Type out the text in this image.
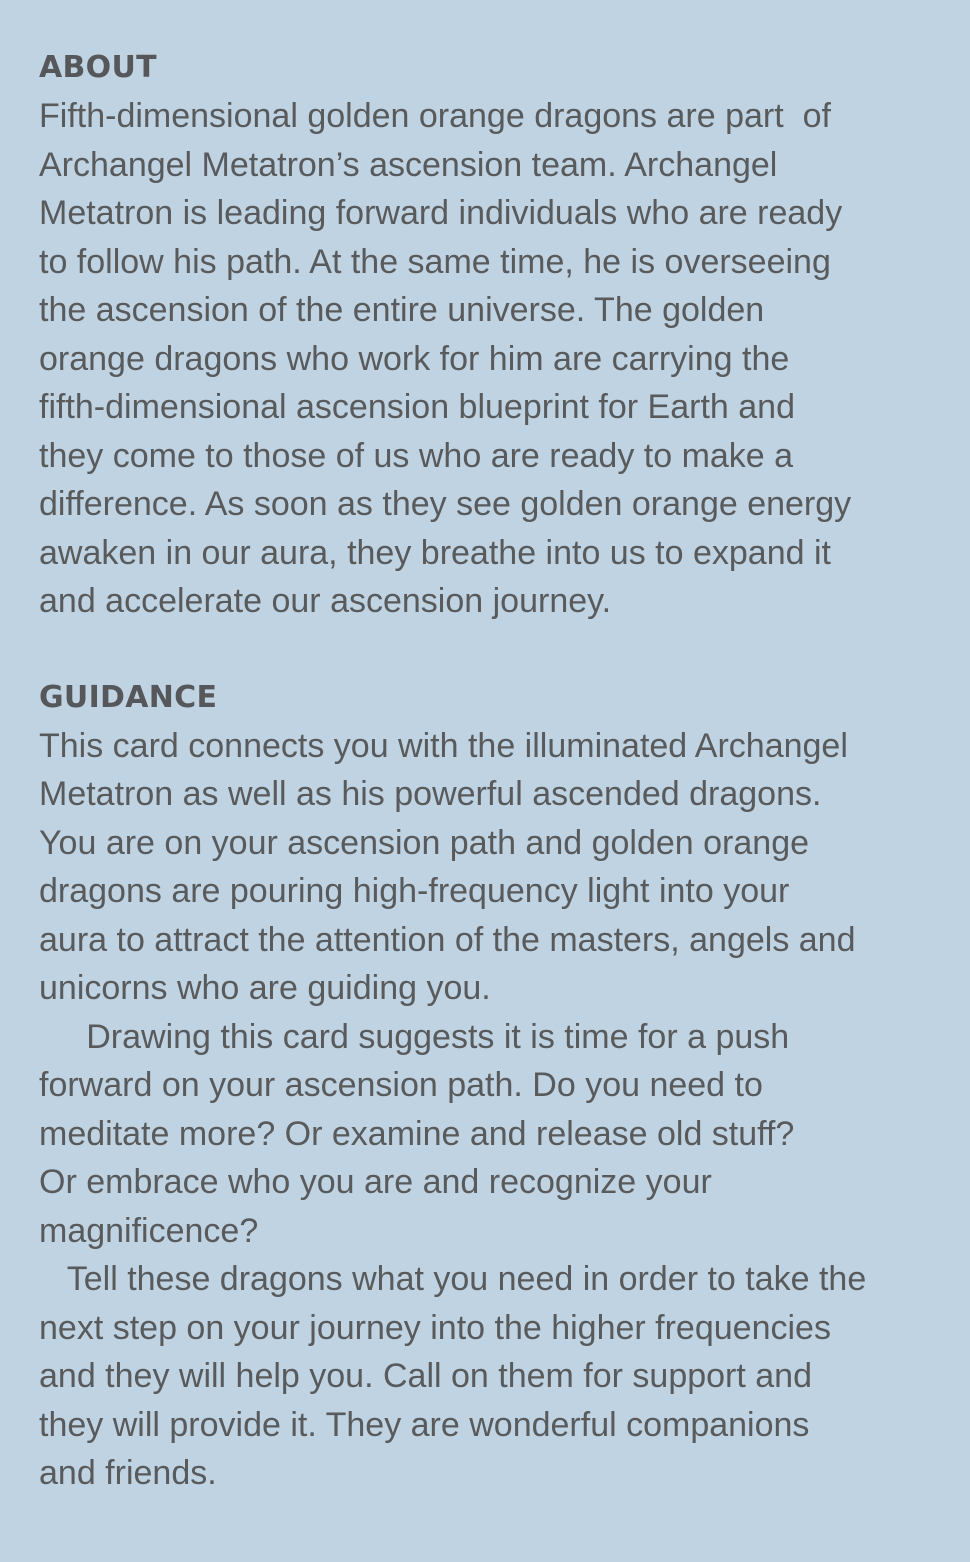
ABOUT
Fifth-dimensional golden orange dragons are part  of
Archangel Metatron’s ascension team. Archangel
Metatron is leading forward individuals who are ready
to follow his path. At the same time, he is overseeing
the ascension of the entire universe. The golden
orange dragons who work for him are carrying the
fifth-dimensional ascension blueprint for Earth and
they come to those of us who are ready to make a
difference. As soon as they see golden orange energy
awaken in our aura, they breathe into us to expand it
and accelerate our ascension journey.
GUIDANCE
This card connects you with the illuminated Archangel
Metatron as well as his powerful ascended dragons.
You are on your ascension path and golden orange
dragons are pouring high-frequency light into your
aura to attract the attention of the masters, angels and
unicorns who are guiding you.
Drawing this card suggests it is time for a push
forward on your ascension path. Do you need to
meditate more? Or examine and release old stuff?
Or embrace who you are and recognize your
magnificence?
Tell these dragons what you need in order to take the
next step on your journey into the higher frequencies
and they will help you. Call on them for support and
they will provide it. They are wonderful companions
and friends.
